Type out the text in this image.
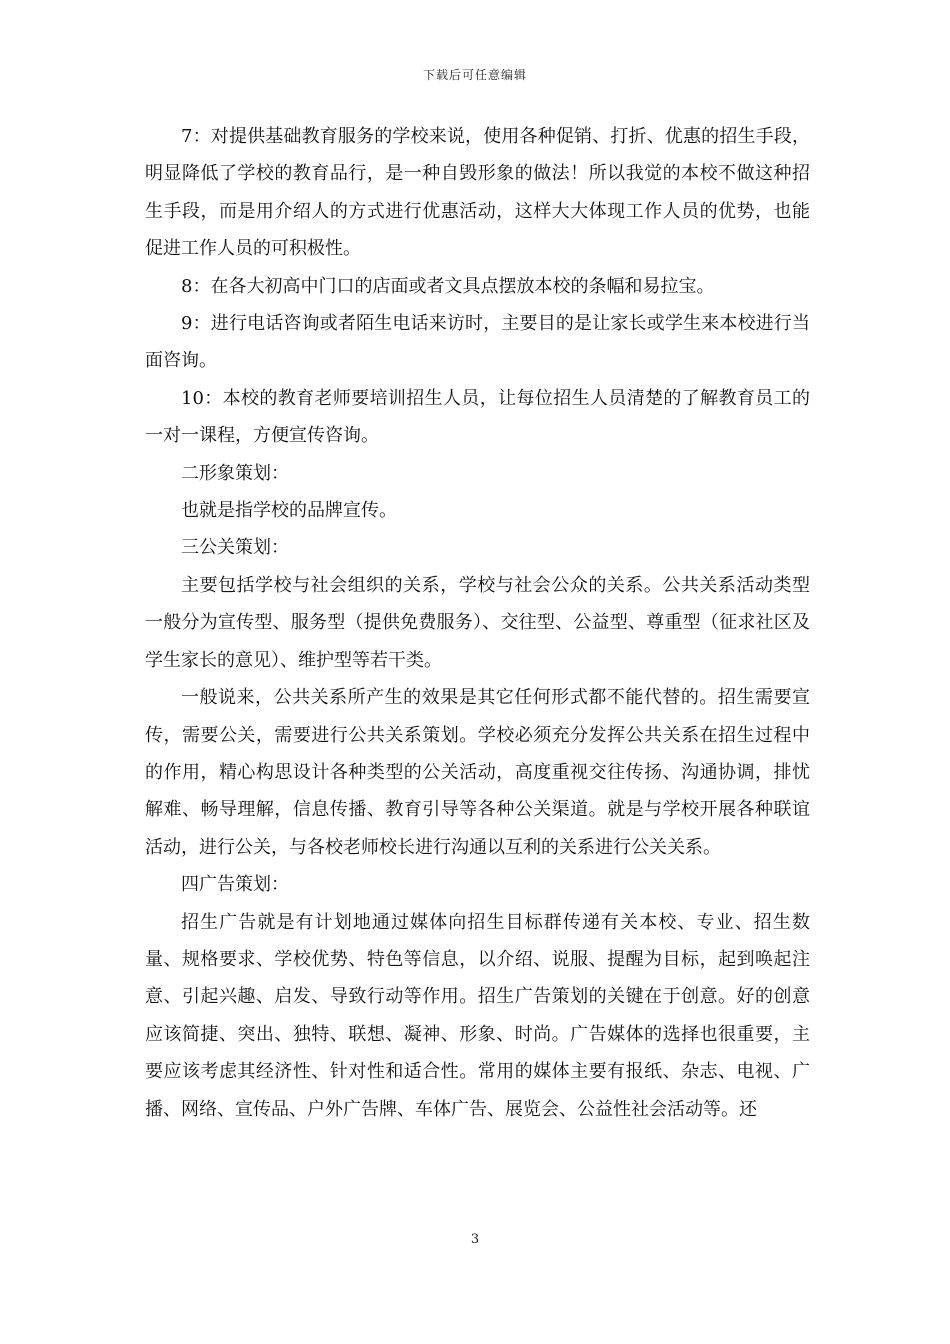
下载后可任意编辑

7：对提供基础教育服务的学校来说，使用各种促销、打折、优惠的招生手段，明显降低了学校的教育品行，是一种自毁形象的做法！所以我觉的本校不做这种招生手段，而是用介绍人的方式进行优惠活动，这样大大体现工作人员的优势，也能促进工作人员的可积极性。

8：在各大初高中门口的店面或者文具点摆放本校的条幅和易拉宝。

9：进行电话咨询或者陌生电话来访时，主要目的是让家长或学生来本校进行当面咨询。

10：本校的教育老师要培训招生人员，让每位招生人员清楚的了解教育员工的一对一课程，方便宣传咨询。

二形象策划：

也就是指学校的品牌宣传。

三公关策划：

主要包括学校与社会组织的关系，学校与社会公众的关系。公共关系活动类型一般分为宣传型、服务型（提供免费服务）、交往型、公益型、尊重型（征求社区及学生家长的意见）、维护型等若干类。

一般说来，公共关系所产生的效果是其它任何形式都不能代替的。招生需要宣传，需要公关，需要进行公共关系策划。学校必须充分发挥公共关系在招生过程中的作用，精心构思设计各种类型的公关活动，高度重视交往传扬、沟通协调，排忧解难、畅导理解，信息传播、教育引导等各种公关渠道。就是与学校开展各种联谊活动，进行公关，与各校老师校长进行沟通以互利的关系进行公关关系。

四广告策划：

招生广告就是有计划地通过媒体向招生目标群传递有关本校、专业、招生数量、规格要求、学校优势、特色等信息，以介绍、说服、提醒为目标，起到唤起注意、引起兴趣、启发、导致行动等作用。招生广告策划的关键在于创意。好的创意应该简捷、突出、独特、联想、凝神、形象、时尚。广告媒体的选择也很重要，主要应该考虑其经济性、针对性和适合性。常用的媒体主要有报纸、杂志、电视、广播、网络、宣传品、户外广告牌、车体广告、展览会、公益性社会活动等。还

3
